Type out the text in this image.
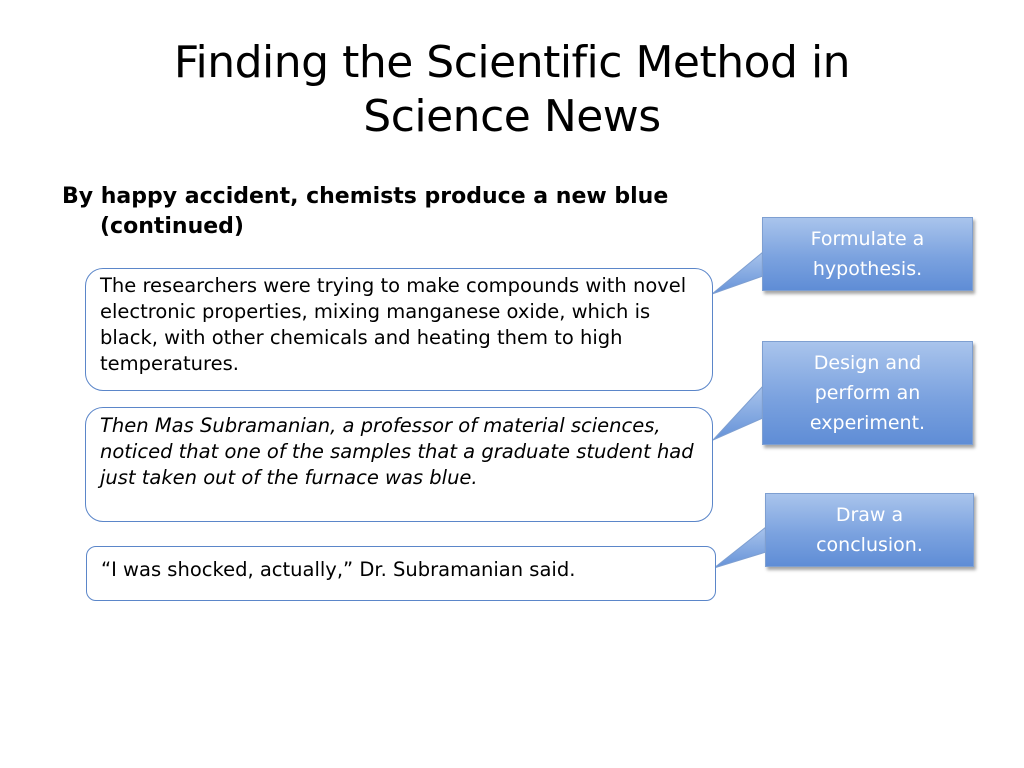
Finding the Scientific Method in Science News
By happy accident, chemists produce a new blue
(continued)

The researchers were trying to make compounds with novel electronic properties, mixing manganese oxide, which is black, with other chemicals and heating them to high temperatures.

Then Mas Subramanian, a professor of material sciences, noticed that one of the samples that a graduate student had just taken out of the furnace was blue.

“I was shocked, actually,” Dr. Subramanian said.

Formulate a
hypothesis.
Design and
perform an
experiment.
Draw a
conclusion.
